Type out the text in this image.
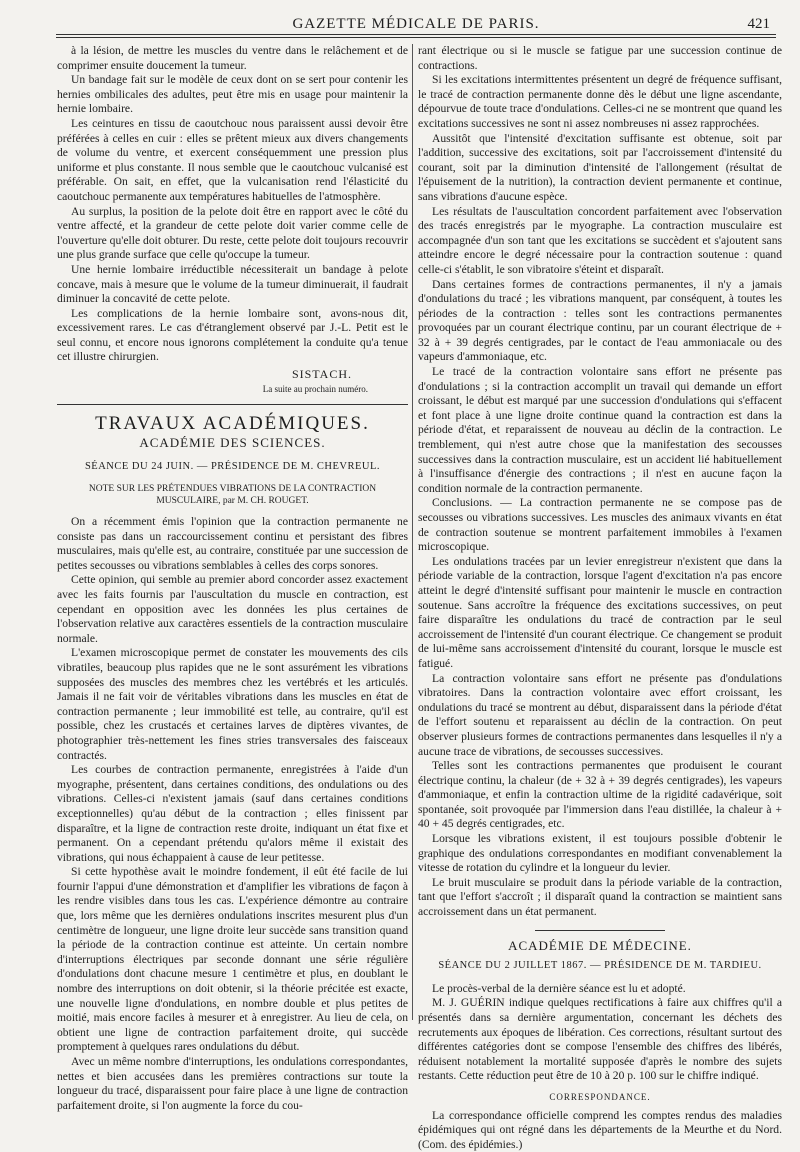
GAZETTE MÉDICALE DE PARIS.	421

à la lésion, de mettre les muscles du ventre dans le relâchement et de comprimer ensuite doucement la tumeur.

Un bandage fait sur le modèle de ceux dont on se sert pour contenir les hernies ombilicales des adultes, peut être mis en usage pour maintenir la hernie lombaire.

Les ceintures en tissu de caoutchouc nous paraissent aussi devoir être préférées à celles en cuir : elles se prêtent mieux aux divers changements de volume du ventre, et exercent conséquemment une pression plus uniforme et plus constante. Il nous semble que le caoutchouc vulcanisé est préférable. On sait, en effet, que la vulcanisation rend l'élasticité du caoutchouc permanente aux températures habituelles de l'atmosphère.

Au surplus, la position de la pelote doit être en rapport avec le côté du ventre affecté, et la grandeur de cette pelote doit varier comme celle de l'ouverture qu'elle doit obturer. Du reste, cette pelote doit toujours recouvrir une plus grande surface que celle qu'occupe la tumeur.

Une hernie lombaire irréductible nécessiterait un bandage à pelote concave, mais à mesure que le volume de la tumeur diminuerait, il faudrait diminuer la concavité de cette pelote.

Les complications de la hernie lombaire sont, avons-nous dit, excessivement rares. Le cas d'étranglement observé par J.-L. Petit est le seul connu, et encore nous ignorons complétement la conduite qu'a tenue cet illustre chirurgien.

SISTACH.
La suite au prochain numéro.
TRAVAUX ACADÉMIQUES.
ACADÉMIE DES SCIENCES.
SÉANCE DU 24 JUIN. — PRÉSIDENCE DE M. CHEVREUL.
NOTE SUR LES PRÉTENDUES VIBRATIONS DE LA CONTRACTION MUSCULAIRE, par M. CH. ROUGET.

On a récemment émis l'opinion que la contraction permanente ne consiste pas dans un raccourcissement continu et persistant des fibres musculaires, mais qu'elle est, au contraire, constituée par une succession de petites secousses ou vibrations semblables à celles des corps sonores.

Cette opinion, qui semble au premier abord concorder assez exactement avec les faits fournis par l'auscultation du muscle en contraction, est cependant en opposition avec les données les plus certaines de l'observation relative aux caractères essentiels de la contraction musculaire normale.

L'examen microscopique permet de constater les mouvements des cils vibratiles, beaucoup plus rapides que ne le sont assurément les vibrations supposées des muscles des membres chez les vertébrés et les articulés. Jamais il ne fait voir de véritables vibrations dans les muscles en état de contraction permanente ; leur immobilité est telle, au contraire, qu'il est possible, chez les crustacés et certaines larves de diptères vivantes, de photographier très-nettement les fines stries transversales des faisceaux contractés.

Les courbes de contraction permanente, enregistrées à l'aide d'un myographe, présentent, dans certaines conditions, des ondulations ou des vibrations. Celles-ci n'existent jamais (sauf dans certaines conditions exceptionnelles) qu'au début de la contraction ; elles finissent par disparaître, et la ligne de contraction reste droite, indiquant un état fixe et permanent. On a cependant prétendu qu'alors même il existait des vibrations, qui nous échappaient à cause de leur petitesse.

Si cette hypothèse avait le moindre fondement, il eût été facile de lui fournir l'appui d'une démonstration et d'amplifier les vibrations de façon à les rendre visibles dans tous les cas. L'expérience démontre au contraire que, lors même que les dernières ondulations inscrites mesurent plus d'un centimètre de longueur, une ligne droite leur succède sans transition quand la période de la contraction continue est atteinte. Un certain nombre d'interruptions électriques par seconde donnant une série régulière d'ondulations dont chacune mesure 1 centimètre et plus, en doublant le nombre des interruptions on doit obtenir, si la théorie précitée est exacte, une nouvelle ligne d'ondulations, en nombre double et plus petites de moitié, mais encore faciles à mesurer et à enregistrer. Au lieu de cela, on obtient une ligne de contraction parfaitement droite, qui succède promptement à quelques rares ondulations du début.

Avec un même nombre d'interruptions, les ondulations correspondantes, nettes et bien accusées dans les premières contractions sur toute la longueur du tracé, disparaissent pour faire place à une ligne de contraction parfaitement droite, si l'on augmente la force du cou-

rant électrique ou si le muscle se fatigue par une succession continue de contractions.

Si les excitations intermittentes présentent un degré de fréquence suffisant, le tracé de contraction permanente donne dès le début une ligne ascendante, dépourvue de toute trace d'ondulations. Celles-ci ne se montrent que quand les excitations successives ne sont ni assez nombreuses ni assez rapprochées.

Aussitôt que l'intensité d'excitation suffisante est obtenue, soit par l'addition, successive des excitations, soit par l'accroissement d'intensité du courant, soit par la diminution d'intensité de l'allongement (résultat de l'épuisement de la nutrition), la contraction devient permanente et continue, sans vibrations d'aucune espèce.

Les résultats de l'auscultation concordent parfaitement avec l'observation des tracés enregistrés par le myographe. La contraction musculaire est accompagnée d'un son tant que les excitations se succèdent et s'ajoutent sans atteindre encore le degré nécessaire pour la contraction soutenue : quand celle-ci s'établit, le son vibratoire s'éteint et disparaît.

Dans certaines formes de contractions permanentes, il n'y a jamais d'ondulations du tracé ; les vibrations manquent, par conséquent, à toutes les périodes de la contraction : telles sont les contractions permanentes provoquées par un courant électrique continu, par un courant électrique de + 32 à + 39 degrés centigrades, par le contact de l'eau ammoniacale ou des vapeurs d'ammoniaque, etc.

Le tracé de la contraction volontaire sans effort ne présente pas d'ondulations ; si la contraction accomplit un travail qui demande un effort croissant, le début est marqué par une succession d'ondulations qui s'effacent et font place à une ligne droite continue quand la contraction est dans la période d'état, et reparaissent de nouveau au déclin de la contraction. Le tremblement, qui n'est autre chose que la manifestation des secousses successives dans la contraction musculaire, est un accident lié habituellement à l'insuffisance d'énergie des contractions ; il n'est en aucune façon la condition normale de la contraction permanente.

Conclusions. — La contraction permanente ne se compose pas de secousses ou vibrations successives. Les muscles des animaux vivants en état de contraction soutenue se montrent parfaitement immobiles à l'examen microscopique.

Les ondulations tracées par un levier enregistreur n'existent que dans la période variable de la contraction, lorsque l'agent d'excitation n'a pas encore atteint le degré d'intensité suffisant pour maintenir le muscle en contraction soutenue. Sans accroître la fréquence des excitations successives, on peut faire disparaître les ondulations du tracé de contraction par le seul accroissement de l'intensité d'un courant électrique. Ce changement se produit de lui-même sans accroissement d'intensité du courant, lorsque le muscle est fatigué.

La contraction volontaire sans effort ne présente pas d'ondulations vibratoires. Dans la contraction volontaire avec effort croissant, les ondulations du tracé se montrent au début, disparaissent dans la période d'état de l'effort soutenu et reparaissent au déclin de la contraction. On peut observer plusieurs formes de contractions permanentes dans lesquelles il n'y a aucune trace de vibrations, de secousses successives.

Telles sont les contractions permanentes que produisent le courant électrique continu, la chaleur (de + 32 à + 39 degrés centigrades), les vapeurs d'ammoniaque, et enfin la contraction ultime de la rigidité cadavérique, soit spontanée, soit provoquée par l'immersion dans l'eau distillée, la chaleur à + 40 + 45 degrés centigrades, etc.

Lorsque les vibrations existent, il est toujours possible d'obtenir le graphique des ondulations correspondantes en modifiant convenablement la vitesse de rotation du cylindre et la longueur du levier.

Le bruit musculaire se produit dans la période variable de la contraction, tant que l'effort s'accroît ; il disparaît quand la contraction se maintient sans accroissement dans un état permanent.

ACADÉMIE DE MÉDECINE.
SÉANCE DU 2 JUILLET 1867. — PRÉSIDENCE DE M. TARDIEU.

Le procès-verbal de la dernière séance est lu et adopté.

M. J. GUÉRIN indique quelques rectifications à faire aux chiffres qu'il a présentés dans sa dernière argumentation, concernant les déchets des recrutements aux époques de libération. Ces corrections, résultant surtout des différentes catégories dont se compose l'ensemble des chiffres des libérés, réduisent notablement la mortalité supposée d'après le nombre des sujets restants. Cette réduction peut être de 10 à 20 p. 100 sur le chiffre indiqué.

CORRESPONDANCE.

La correspondance officielle comprend les comptes rendus des maladies épidémiques qui ont régné dans les départements de la Meurthe et du Nord. (Com. des épidémies.)
